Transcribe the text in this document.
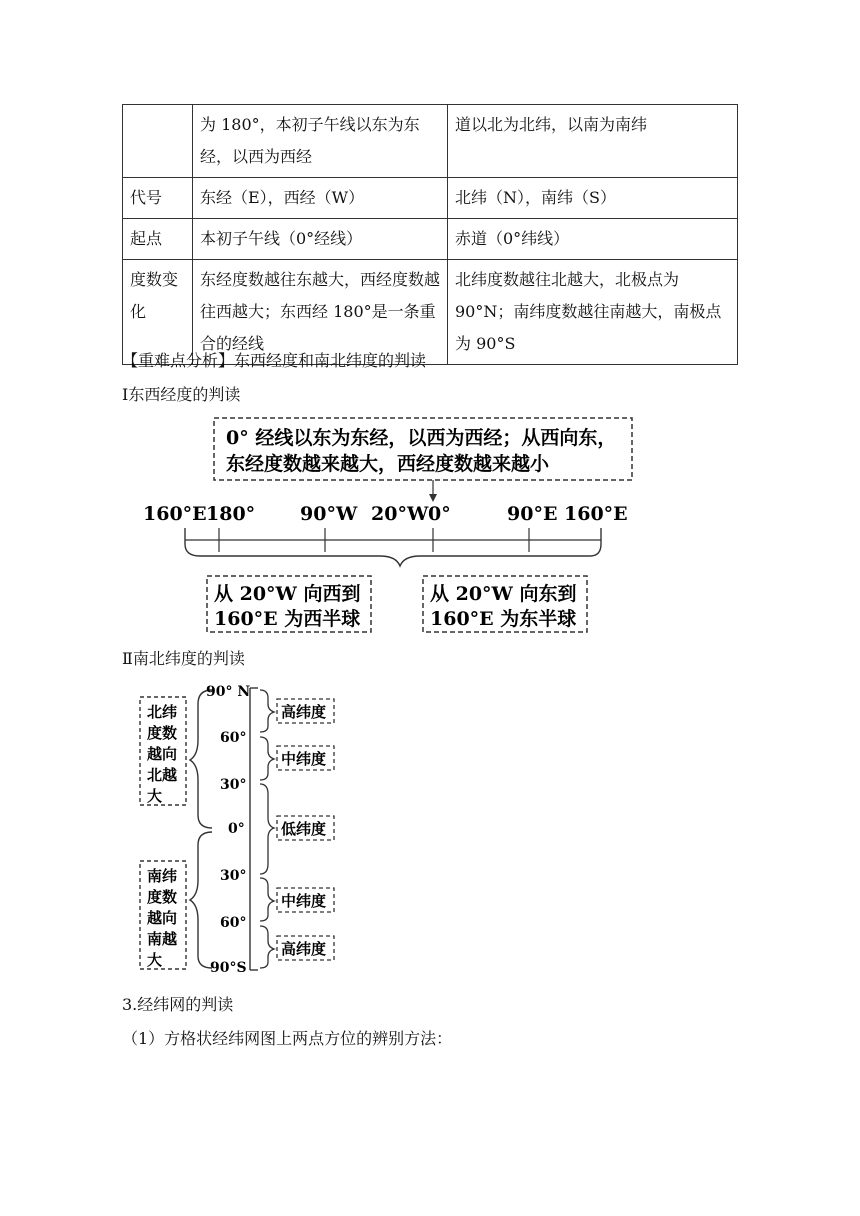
	为 180°，本初子午线以东为东经，以西为西经	道以北为北纬，以南为南纬
代号	东经（E），西经（W）	北纬（N），南纬（S）
起点	本初子午线（0°经线）	赤道（0°纬线）
度数变化	东经度数越往东越大，西经度数越往西越大；东西经 180°是一条重合的经线	北纬度数越往北越大，北极点为 90°N；南纬度数越往南越大，南极点为 90°S
【重难点分析】东西经度和南北纬度的判读
Ⅰ东西经度的判读
0° 经线以东为东经，以西为西经；从西向东，
东经度数越来越大，西经度数越来越小
160°E 180° 90°W 20°W 0°	90°E 160°E
从 20°W 向西到
160°E 为西半球
从 20°W 向东到
160°E 为东半球
北纬
度数
越向
北越
大
南纬
度数
越向
南越
大
90° N
60°
30°
0°
30°
60°
90°S
高纬度
中纬度
低纬度
中纬度
高纬度
Ⅱ南北纬度的判读
3.经纬网的判读
（1）方格状经纬网图上两点方位的辨别方法：
